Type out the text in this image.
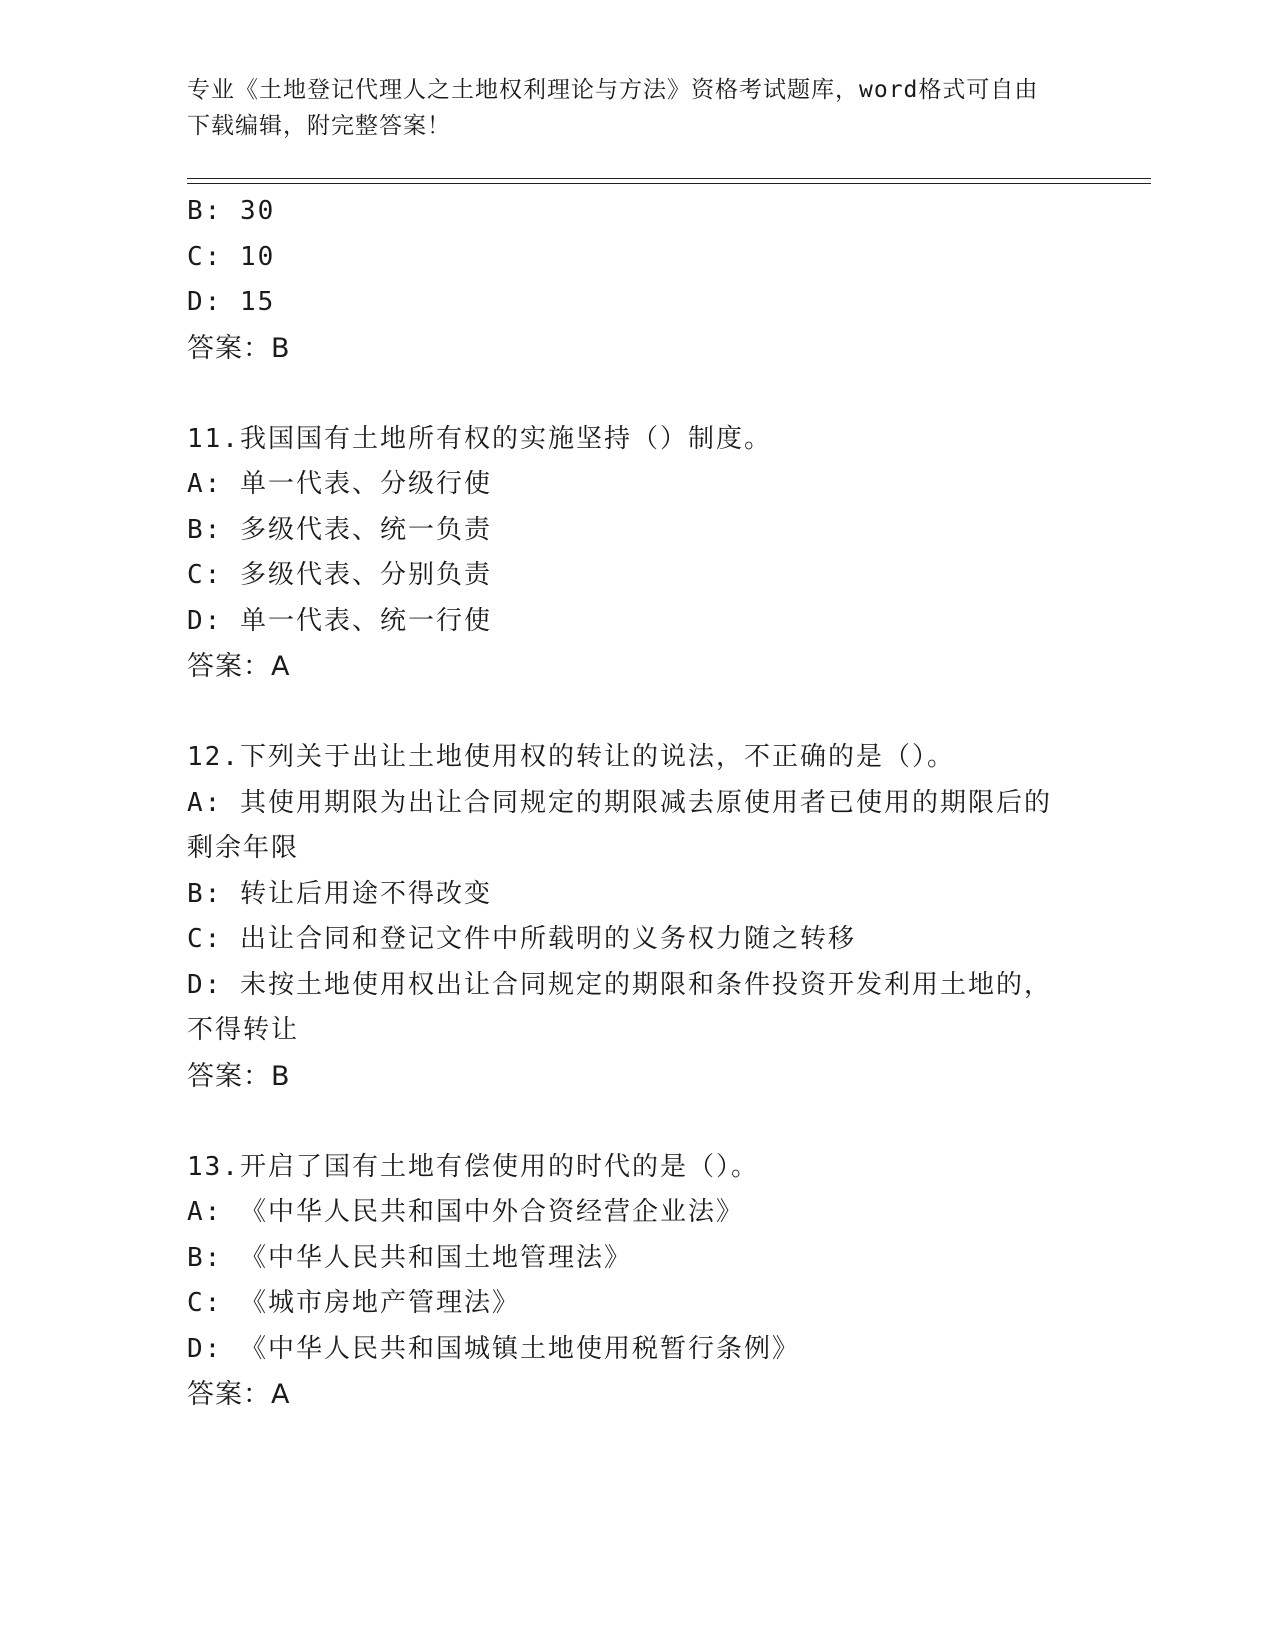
专业《土地登记代理人之土地权利理论与方法》资格考试题库，word格式可自由
下载编辑，附完整答案！
B: 30
C: 10
D: 15
答案：B
11.我国国有土地所有权的实施坚持（）制度。
A: 单一代表、分级行使
B: 多级代表、统一负责
C: 多级代表、分别负责
D: 单一代表、统一行使
答案：A
12.下列关于出让土地使用权的转让的说法，不正确的是（）。
A: 其使用期限为出让合同规定的期限减去原使用者已使用的期限后的
剩余年限
B: 转让后用途不得改变
C: 出让合同和登记文件中所载明的义务权力随之转移
D: 未按土地使用权出让合同规定的期限和条件投资开发利用土地的，
不得转让
答案：B
13.开启了国有土地有偿使用的时代的是（）。
A: 《中华人民共和国中外合资经营企业法》
B: 《中华人民共和国土地管理法》
C: 《城市房地产管理法》
D: 《中华人民共和国城镇土地使用税暂行条例》
答案：A
